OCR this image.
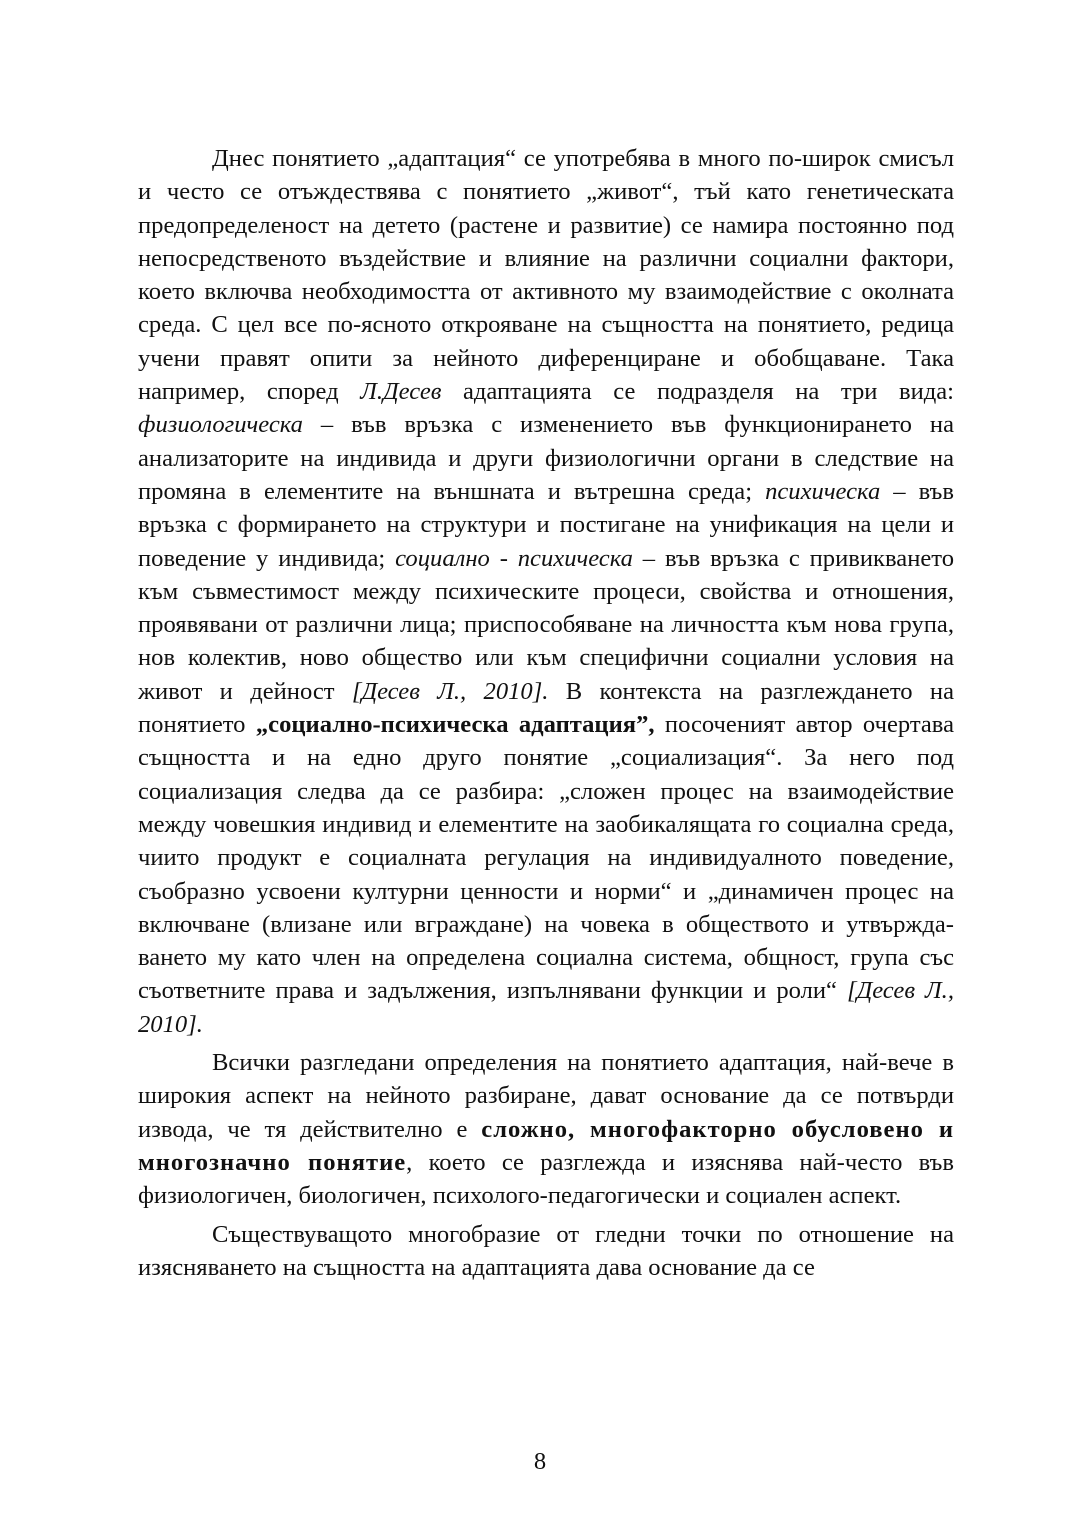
Днес понятието „адаптация“ се употребява в много по-широк смисъл и често се отъждествява с понятието „живот“, тъй като генетическата предопределеност на детето (растене и развитие) се намира постоянно под непосредственото въздействие и влияние на различни социални фактори, което включва необходимостта от активното му взаимодействие с околната среда. С цел все по-ясното открояване на същността на понятието, редица учени правят опити за нейното диференциране и обобщаване. Така например, според Л.Десев адаптацията се подразделя на три вида: физиологическа – във връзка с изменението във функционирането на анализаторите на индивида и други физиологични органи в следствие на промяна в елементите на външната и вътрешна среда; психическа – във връзка с формирането на структури и постигане на унификация на цели и поведение у индивида; социално - психическа – във връзка с привикването към съвместимост между психическите процеси, свойства и отношения, проявявани от различни лица; приспособяване на личността към нова група, нов колектив, ново общество или към специфични социални условия на живот и дейност [Десев Л., 2010]. В контекста на разглеждането на понятието „социално-психическа адаптация”, посоченият автор очертава същността и на едно друго понятие „социализация“. За него под социализация следва да се разбира: „сложен процес на взаимодействие между човешкия индивид и елементите на заобикалящата го социална среда, чиито продукт е социалната регулация на индивидуалното поведение, съобразно усвоени културни ценности и норми“ и „динамичен процес на включване (влизане или вграждане) на човека в обществото и утвърждаването му като член на определена социална система, общност, група със съответните права и задължения, изпълнявани функции и роли“ [Десев Л., 2010].

Всички разгледани определения на понятието адаптация, най-вече в широкия аспект на нейното разбиране, дават основание да се потвърди извода, че тя действително е сложно, многофакторно обусловено и многозначно понятие, което се разглежда и изяснява най-често във физиологичен, биологичен, психолого-педагогически и социален аспект.

Съществуващото многобразие от гледни точки по отношение на изясняването на същността на адаптацията дава основание да се

8
